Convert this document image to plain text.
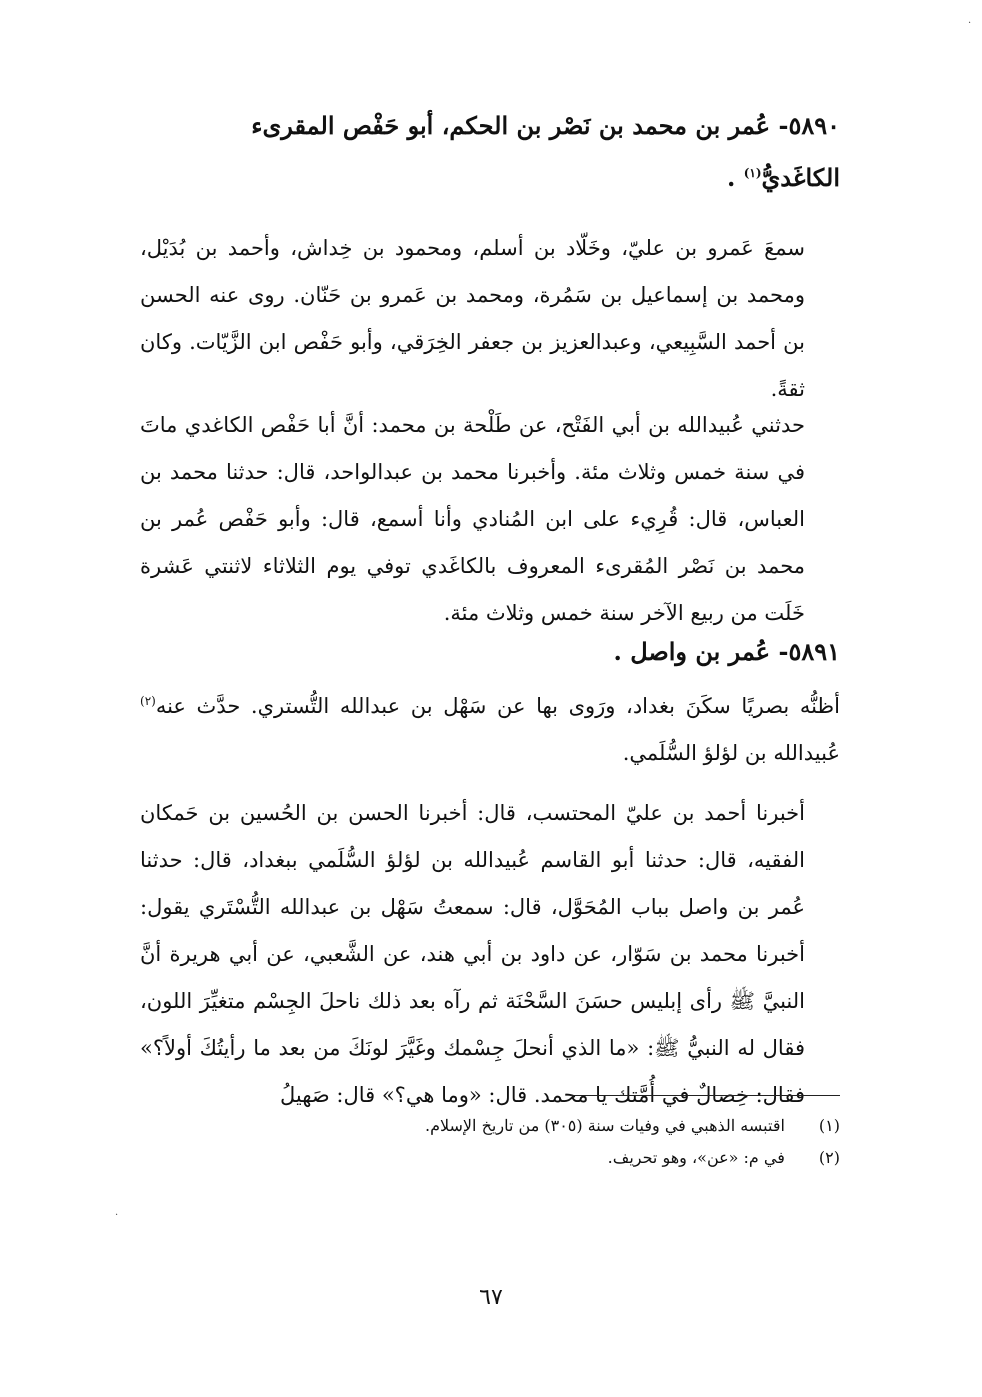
٥٨٩٠- عُمر بن محمد بن نَصْر بن الحكم، أبو حَفْص المقرىء

الكاغَديُّ$^{(١)}$ .

سمعَ عَمرو بن عليّ، وخَلّاد بن أسلم، ومحمود بن خِداش، وأحمد بن بُدَيْل، ومحمد بن إسماعيل بن سَمُرة، ومحمد بن عَمرو بن حَنّان. روى عنه الحسن بن أحمد السَّبِيعي، وعبدالعزيز بن جعفر الخِرَقي، وأبو حَفْص ابن الزَّيّات. وكان ثقةً.

حدثني عُبيدالله بن أبي الفَتْح، عن طَلْحة بن محمد: أنَّ أبا حَفْص الكاغدي ماتَ في سنة خمس وثلاث مئة. وأخبرنا محمد بن عبدالواحد، قال: حدثنا محمد بن العباس، قال: قُرِيء على ابن المُنادي وأنا أسمع، قال: وأبو حَفْص عُمر بن محمد بن نَصْر المُقرىء المعروف بالكاغَدي توفي يوم الثلاثاء لاثنتي عَشرة خَلَت من ربيع الآخر سنة خمس وثلاث مئة.

٥٨٩١- عُمر بن واصل .

أظنُّه بصريًا سكَنَ بغداد، ورَوى بها عن سَهْل بن عبدالله التُّستري. حدَّث عنه$^{(٢)}$ عُبيدالله بن لؤلؤ السُّلَمي.

أخبرنا أحمد بن عليّ المحتسب، قال: أخبرنا الحسن بن الحُسين بن حَمكان الفقيه، قال: حدثنا أبو القاسم عُبيدالله بن لؤلؤ السُّلَمي ببغداد، قال: حدثنا عُمر بن واصل بباب المُحَوَّل، قال: سمعتُ سَهْل بن عبدالله التُّسْتَري يقول: أخبرنا محمد بن سَوّار، عن داود بن أبي هند، عن الشَّعبي، عن أبي هريرة أنَّ النبيَّ ﷺ رأى إبليس حسَنَ السَّحْنَة ثم رآه بعد ذلك ناحلَ الجِسْم متغيِّرَ اللون، فقال له النبيُّ ﷺ: «ما الذي أنحلَ جِسْمك وغَيَّرَ لونَكَ من بعد ما رأيتُكَ أولاً؟» فقال: خِصالٌ في أُمَّتك يا محمد. قال: «وما هي؟» قال: صَهيلُ

(١) اقتبسه الذهبي في وفيات سنة (٣٠٥) من تاريخ الإسلام.

(٢) في م: «عن»، وهو تحريف.

٦٧
·
·
